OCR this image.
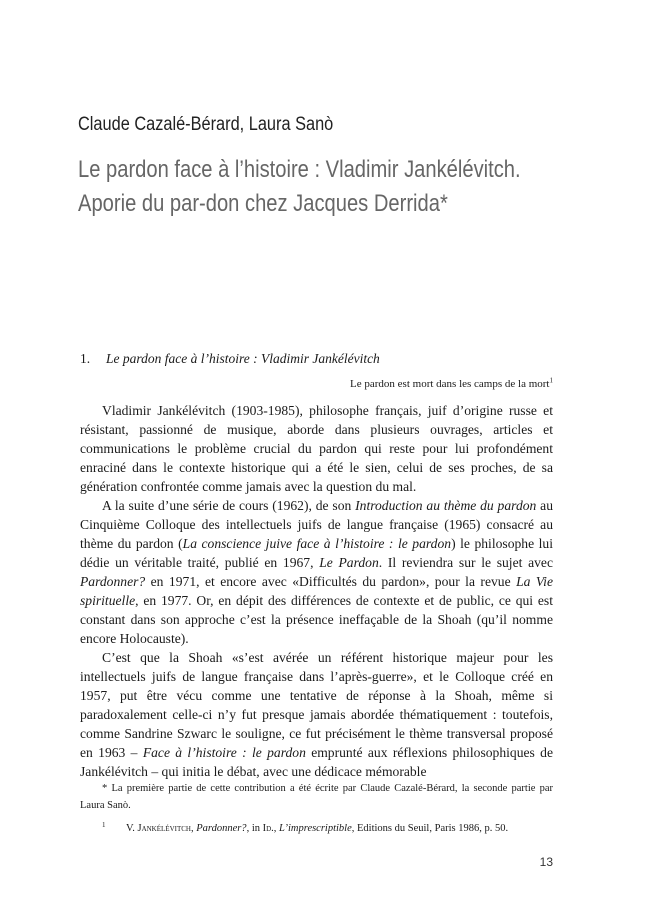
Claude Cazalé-Bérard, Laura Sanò
Le pardon face à l’histoire : Vladimir Jankélévitch.
Aporie du par-don chez Jacques Derrida*
1. Le pardon face à l’histoire : Vladimir Jankélévitch
Le pardon est mort dans les camps de la mort$^1$

Vladimir Jankélévitch (1903-1985), philosophe français, juif d’origine russe et résistant, passionné de musique, aborde dans plusieurs ouvrages, articles et communications le problème crucial du pardon qui reste pour lui profondément enraciné dans le contexte historique qui a été le sien, celui de ses proches, de sa génération confrontée comme jamais avec la question du mal.

A la suite d’une série de cours (1962), de son Introduction au thème du pardon au Cinquième Colloque des intellectuels juifs de langue française (1965) consacré au thème du pardon (La conscience juive face à l’histoire : le pardon) le philosophe lui dédie un véritable traité, publié en 1967, Le Pardon. Il reviendra sur le sujet avec Pardonner? en 1971, et encore avec «Difficultés du pardon», pour la revue La Vie spirituelle, en 1977. Or, en dépit des différences de contexte et de public, ce qui est constant dans son approche c’est la présence ineffaçable de la Shoah (qu’il nomme encore Holocauste).

C’est que la Shoah «s’est avérée un référent historique majeur pour les intellectuels juifs de langue française dans l’après-guerre», et le Colloque créé en 1957, put être vécu comme une tentative de réponse à la Shoah, même si paradoxalement celle-ci n’y fut presque jamais abordée thématiquement : toutefois, comme Sandrine Szwarc le souligne, ce fut précisément le thème transversal proposé en 1963 – Face à l’histoire : le pardon emprunté aux réflexions philosophiques de Jankélévitch – qui initia le débat, avec une dédicace mémorable

* La première partie de cette contribution a été écrite par Claude Cazalé-Bérard, la seconde partie par Laura Sanò.

1 V. Jankélévitch, Pardonner?, in Id., L’imprescriptible, Editions du Seuil, Paris 1986, p. 50.

13
